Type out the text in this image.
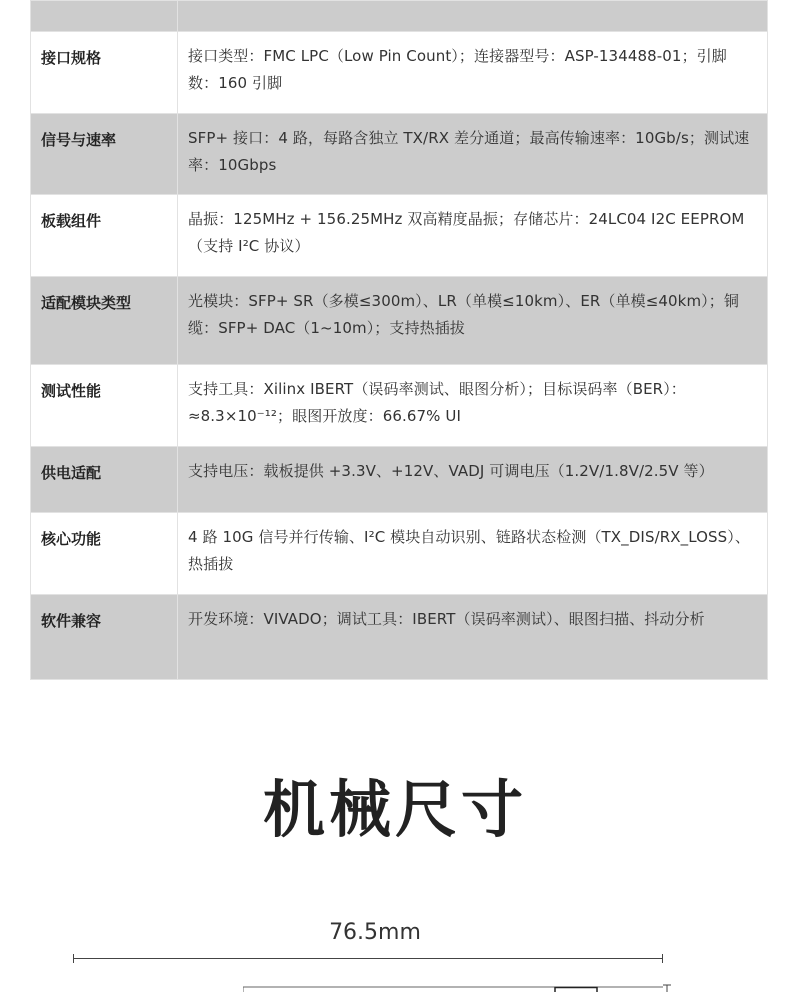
接口规格	接口类型：FMC LPC（Low Pin Count）；连接器型号：ASP-134488-01；引脚数：160 引脚

信号与速率	SFP+ 接口：4 路，每路含独立 TX/RX 差分通道；最高传输速率：10Gb/s；测试速率：10Gbps

板载组件	晶振：125MHz + 156.25MHz 双高精度晶振；存储芯片：24LC04 I2C EEPROM（支持 I²C 协议）

适配模块类型	光模块：SFP+ SR（多模≤300m）、LR（单模≤10km）、ER（单模≤40km）；铜缆：SFP+ DAC（1~10m）；支持热插拔

测试性能	支持工具：Xilinx IBERT（误码率测试、眼图分析）；目标误码率（BER）：≈8.3×10⁻¹²；眼图开放度：66.67% UI

供电适配	支持电压：载板提供 +3.3V、+12V、VADJ 可调电压（1.2V/1.8V/2.5V 等）

核心功能	4 路 10G 信号并行传输、I²C 模块自动识别、链路状态检测（TX_DIS/RX_LOSS）、热插拔

软件兼容	开发环境：VIVADO；调试工具：IBERT（误码率测试）、眼图扫描、抖动分析
机械尺寸
76.5mm
